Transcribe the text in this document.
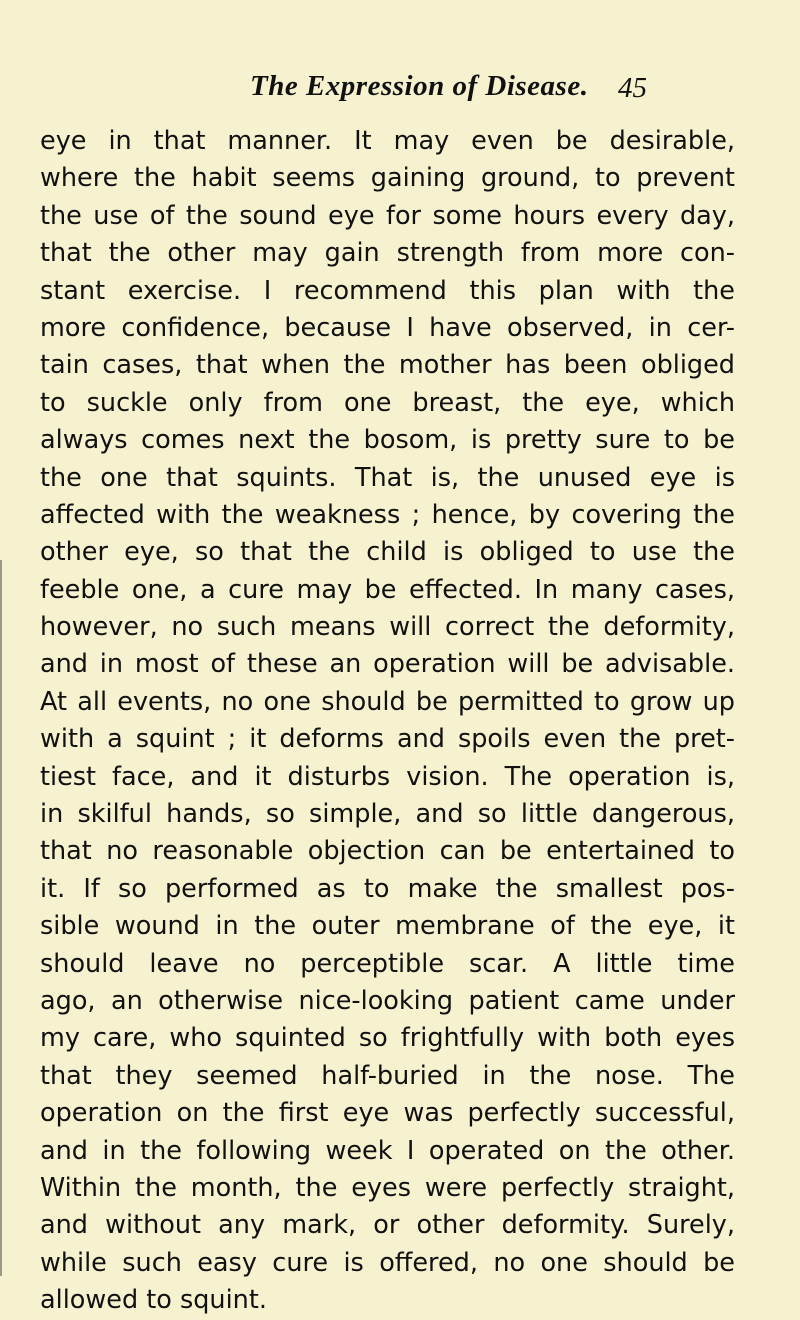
The Expression of Disease. 45
eye in that manner. It may even be desirable,
where the habit seems gaining ground, to prevent
the use of the sound eye for some hours every day,
that the other may gain strength from more con-
stant exercise. I recommend this plan with the
more confidence, because I have observed, in cer-
tain cases, that when the mother has been obliged
to suckle only from one breast, the eye, which
always comes next the bosom, is pretty sure to be
the one that squints. That is, the unused eye is
affected with the weakness ; hence, by covering the
other eye, so that the child is obliged to use the
feeble one, a cure may be effected. In many cases,
however, no such means will correct the deformity,
and in most of these an operation will be advisable.
At all events, no one should be permitted to grow up
with a squint ; it deforms and spoils even the pret-
tiest face, and it disturbs vision. The operation is,
in skilful hands, so simple, and so little dangerous,
that no reasonable objection can be entertained to
it. If so performed as to make the smallest pos-
sible wound in the outer membrane of the eye, it
should leave no perceptible scar. A little time
ago, an otherwise nice-looking patient came under
my care, who squinted so frightfully with both eyes
that they seemed half-buried in the nose. The
operation on the first eye was perfectly successful,
and in the following week I operated on the other.
Within the month, the eyes were perfectly straight,
and without any mark, or other deformity. Surely,
while such easy cure is offered, no one should be
allowed to squint.
